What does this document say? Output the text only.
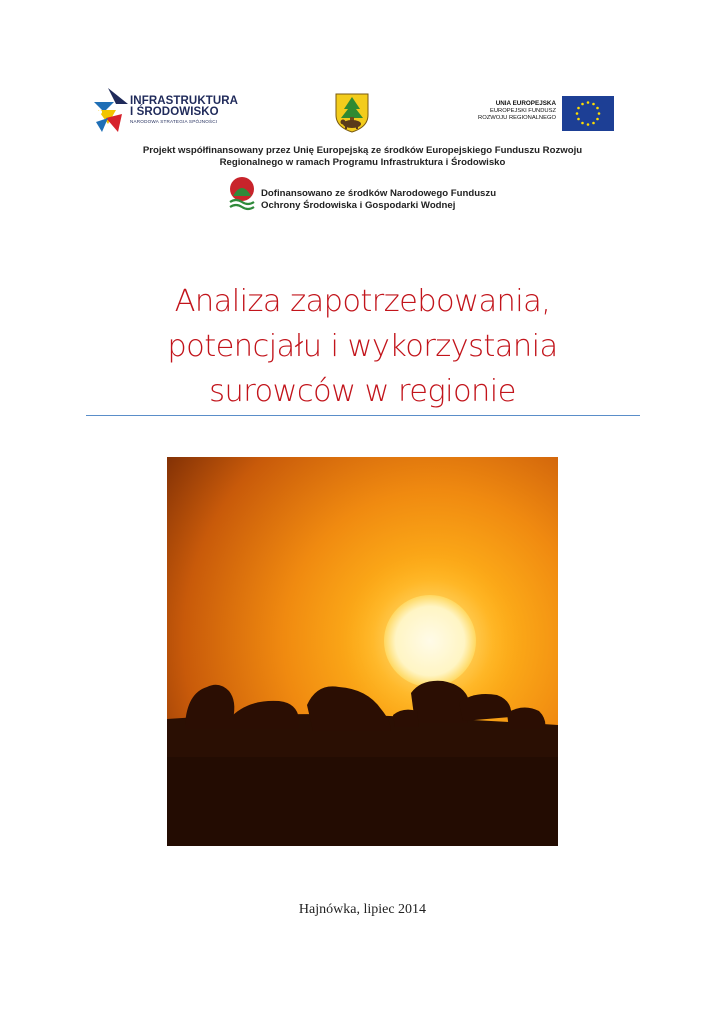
INFRASTRUKTURA
I ŚRODOWISKO
NARODOWA STRATEGIA SPÓJNOŚCI
UNIA EUROPEJSKA
EUROPEJSKI FUNDUSZ
ROZWOJU REGIONALNEGO
Projekt współfinansowany przez Unię Europejską ze środków Europejskiego Funduszu Rozwoju
Regionalnego w ramach Programu Infrastruktura i Środowisko
Dofinansowano ze środków Narodowego Funduszu
Ochrony Środowiska i Gospodarki Wodnej
Analiza zapotrzebowania,
potencjału i wykorzystania
surowców w regionie
Hajnówka, lipiec 2014
